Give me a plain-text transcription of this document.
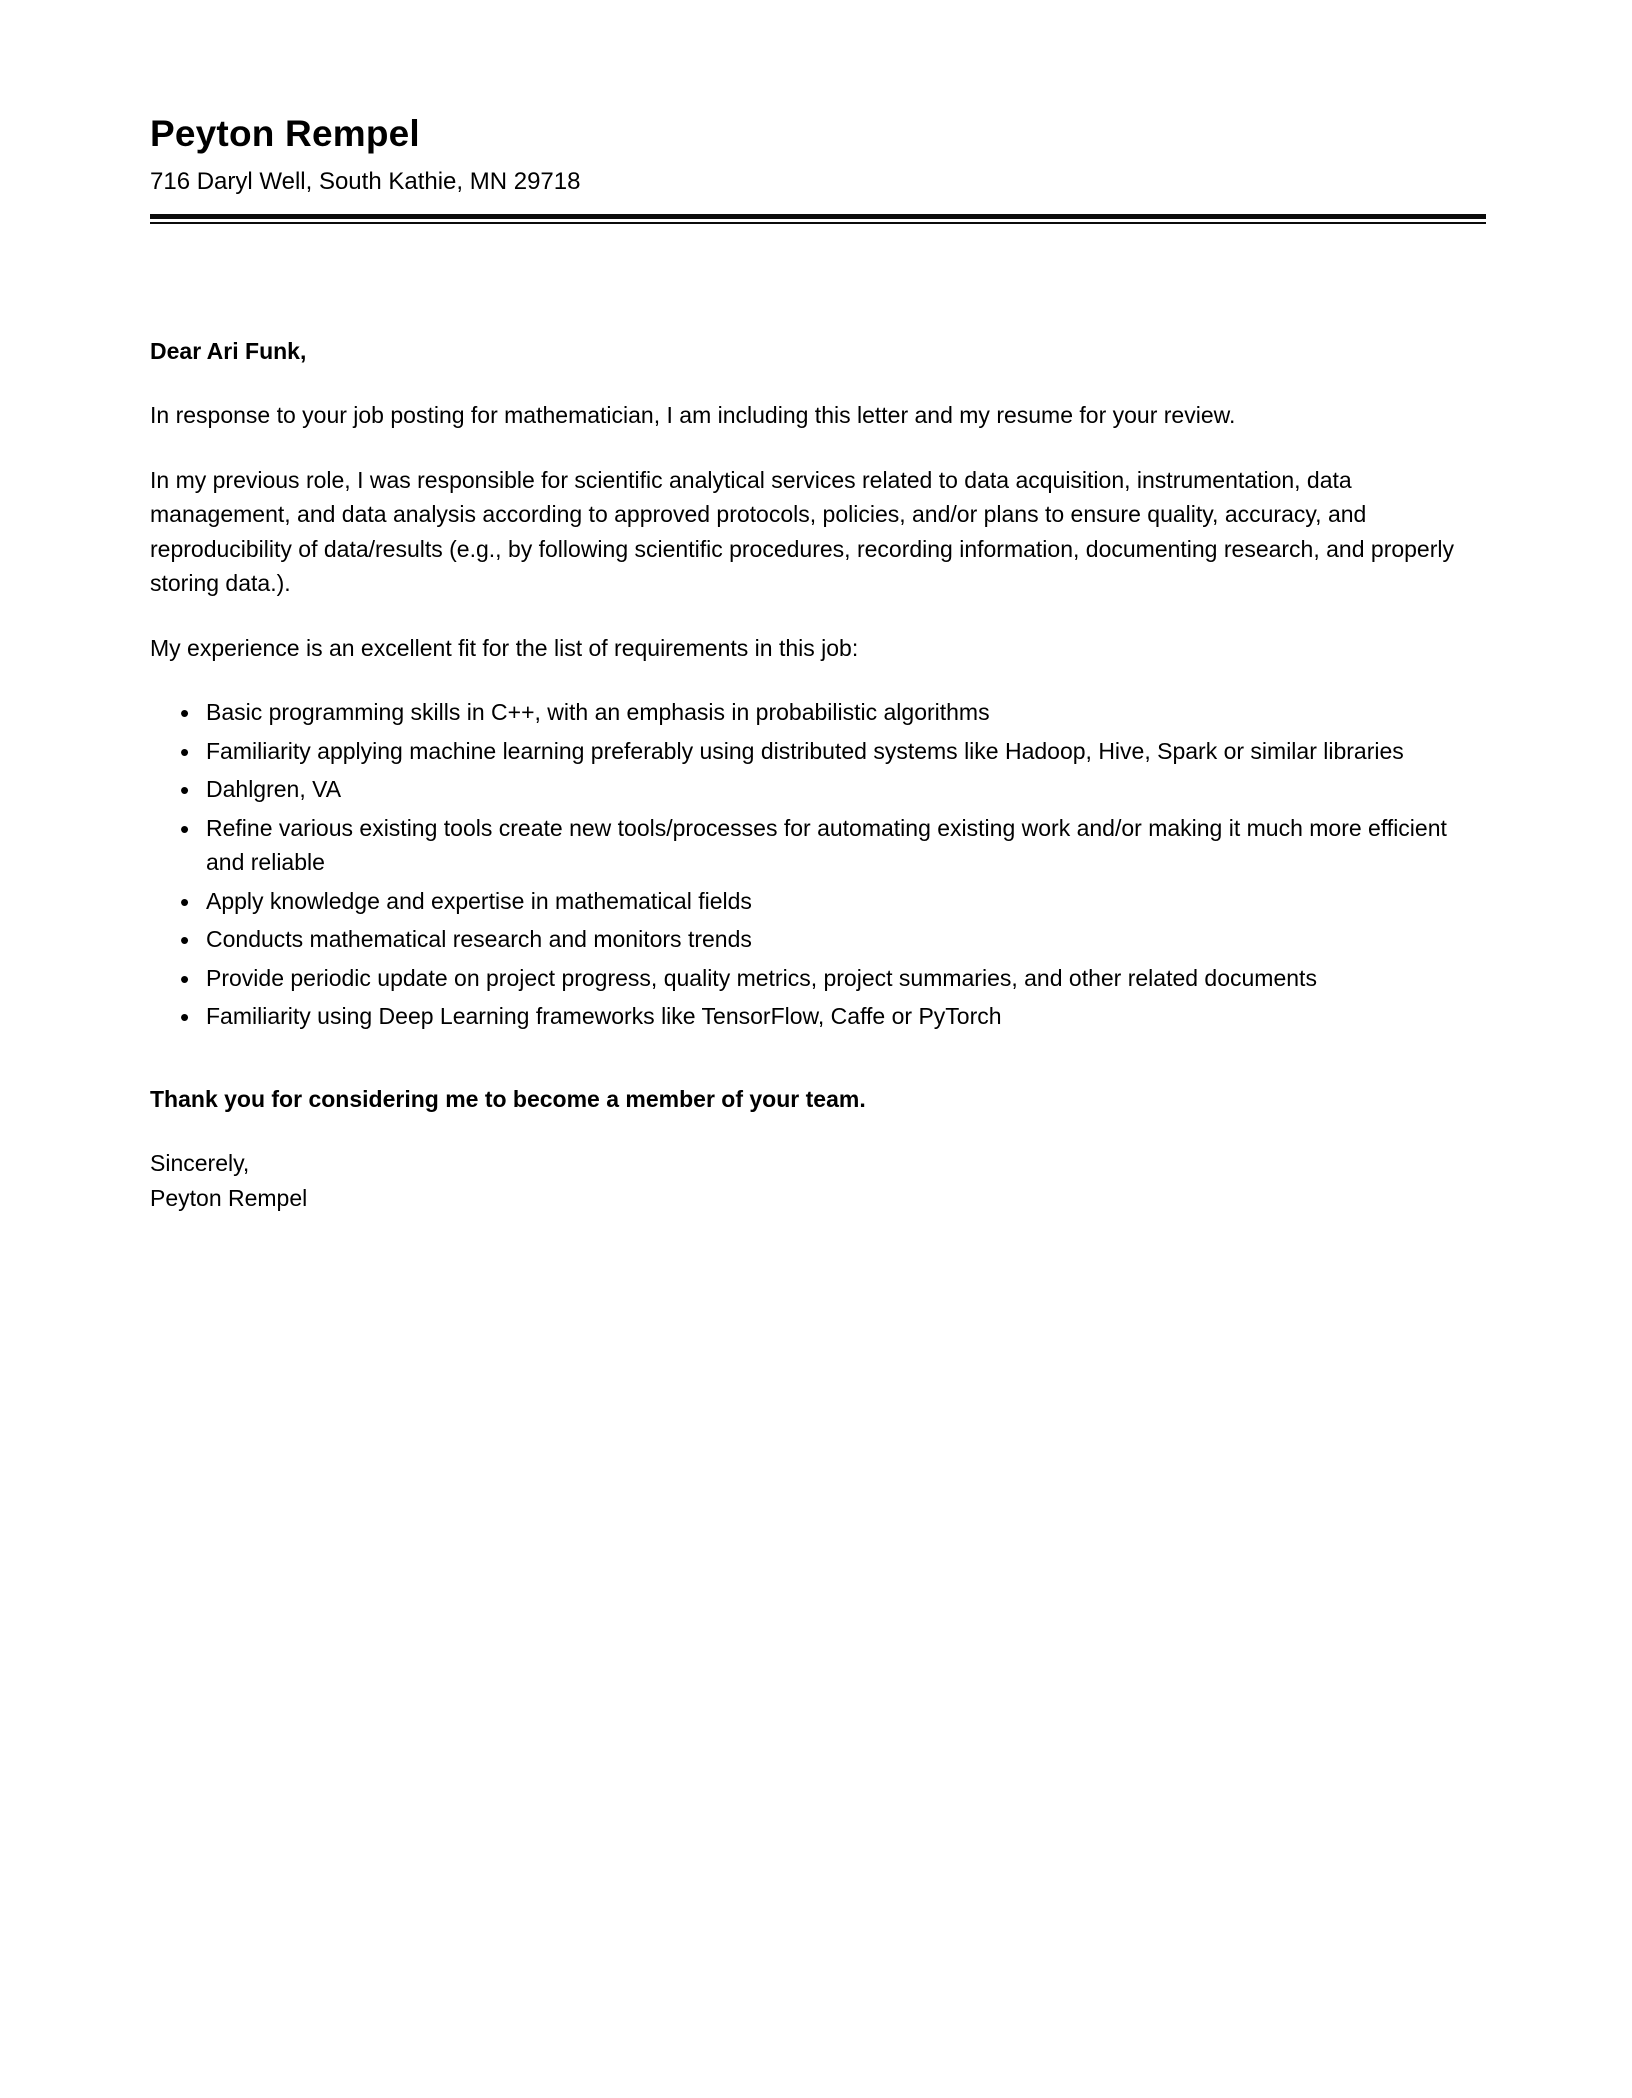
Peyton Rempel
716 Daryl Well, South Kathie, MN 29718

Dear Ari Funk,

In response to your job posting for mathematician, I am including this letter and my resume for your review.

In my previous role, I was responsible for scientific analytical services related to data acquisition, instrumentation, data management, and data analysis according to approved protocols, policies, and/or plans to ensure quality, accuracy, and reproducibility of data/results (e.g., by following scientific procedures, recording information, documenting research, and properly storing data.).

My experience is an excellent fit for the list of requirements in this job:

• Basic programming skills in C++, with an emphasis in probabilistic algorithms
• Familiarity applying machine learning preferably using distributed systems like Hadoop, Hive, Spark or similar libraries
• Dahlgren, VA
• Refine various existing tools create new tools/processes for automating existing work and/or making it much more efficient and reliable
• Apply knowledge and expertise in mathematical fields
• Conducts mathematical research and monitors trends
• Provide periodic update on project progress, quality metrics, project summaries, and other related documents
• Familiarity using Deep Learning frameworks like TensorFlow, Caffe or PyTorch

Thank you for considering me to become a member of your team.

Sincerely,

Peyton Rempel
